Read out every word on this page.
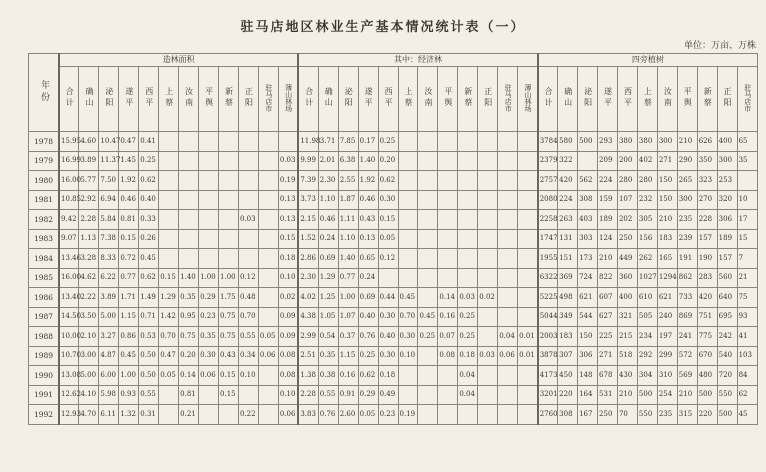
驻马店地区林业生产基本情况统计表（一）
单位：万亩、万株
年份	造林面积												其中：经济林												四旁植树										
	合计	确山	泌阳	遂平	西平	上蔡	汝南	平舆	新蔡	正阳	驻马店市	薄山林场	合计	确山	泌阳	遂平	西平	上蔡	汝南	平舆	新蔡	正阳	驻马店市	薄山林场	合计	确山	泌阳	遂平	西平	上蔡	汝南	平舆	新蔡	正阳	驻马店市
1978	15.95	4.60	10.47	0.47	0.41								11.98	3.71	7.85	0.17	0.25								3784	580	500	293	380	380	300	210	626	400	65
1979	16.99	3.89	11.37	1.45	0.25							0.03	9.99	2.01	6.38	1.40	0.20								2379	322		209	200	402	271	290	350	300	35
1980	16.00	5.77	7.50	1.92	0.62							0.19	7.39	2.30	2.55	1.92	0.62								2757	420	562	224	280	280	150	265	323	253	
1981	10.85	2.92	6.94	0.46	0.40							0.13	3.73	1.10	1.87	0.46	0.30								2080	224	308	159	107	232	150	300	270	320	10
1982	9.42	2.28	5.84	0.81	0.33					0.03		0.13	2.15	0.46	1.11	0.43	0.15								2258	263	403	189	202	305	210	235	228	306	17
1983	9.07	1.13	7.38	0.15	0.26							0.15	1.52	0.24	1.10	0.13	0.05								1747	131	303	124	250	156	183	239	157	189	15
1984	13.46	3.28	8.33	0.72	0.45							0.18	2.86	0.69	1.40	0.65	0.12								1955	151	173	210	449	262	165	191	190	157	7
1985	16.00	4.62	6.22	0.77	0.62	0.15	1.40	1.00	1.00	0.12		0.10	2.30	1.29	0.77	0.24									6322	369	724	822	360	1027	1294	862	283	560	21
1986	13.40	2.22	3.89	1.71	1.49	1.29	0.35	0.29	1.75	0.48		0.02	4.02	1.25	1.00	0.69	0.44	0.45		0.14	0.03	0.02			5225	498	621	607	400	610	621	733	420	640	75
1987	14.50	3.50	5.00	1.15	0.71	1.42	0.95	0.23	0.75	0.70		0.09	4.38	1.05	1.07	0.40	0.30	0.70	0.45	0.16	0.25				5044	349	544	627	321	505	240	869	751	695	93
1988	10.00	2.10	3.27	0.86	0.53	0.70	0.75	0.35	0.75	0.55	0.05	0.09	2.99	0.54	0.37	0.76	0.40	0.30	0.25	0.07	0.25		0.04	0.01	2003	183	150	225	215	234	197	241	775	242	41
1989	10.70	3.00	4.87	0.45	0.50	0.47	0.20	0.30	0.43	0.34	0.06	0.08	2.51	0.35	1.15	0.25	0.30	0.10		0.08	0.18	0.03	0.06	0.01	3878	307	306	271	518	292	299	572	670	540	103
1990	13.08	5.00	6.00	1.00	0.50	0.05	0.14	0.06	0.15	0.10		0.08	1.38	0.38	0.16	0.62	0.18				0.04				4173	450	148	678	430	304	310	569	480	720	84
1991	12.62	4.10	5.98	0.93	0.55		0.81		0.15			0.10	2.28	0.55	0.91	0.29	0.49				0.04				3201	220	164	531	210	500	254	210	500	550	62
1992	12.93	4.70	6.11	1.32	0.31		0.21			0.22		0.06	3.83	0.76	2.60	0.05	0.23	0.19							2760	308	167	250	70	550	235	315	220	500	45
